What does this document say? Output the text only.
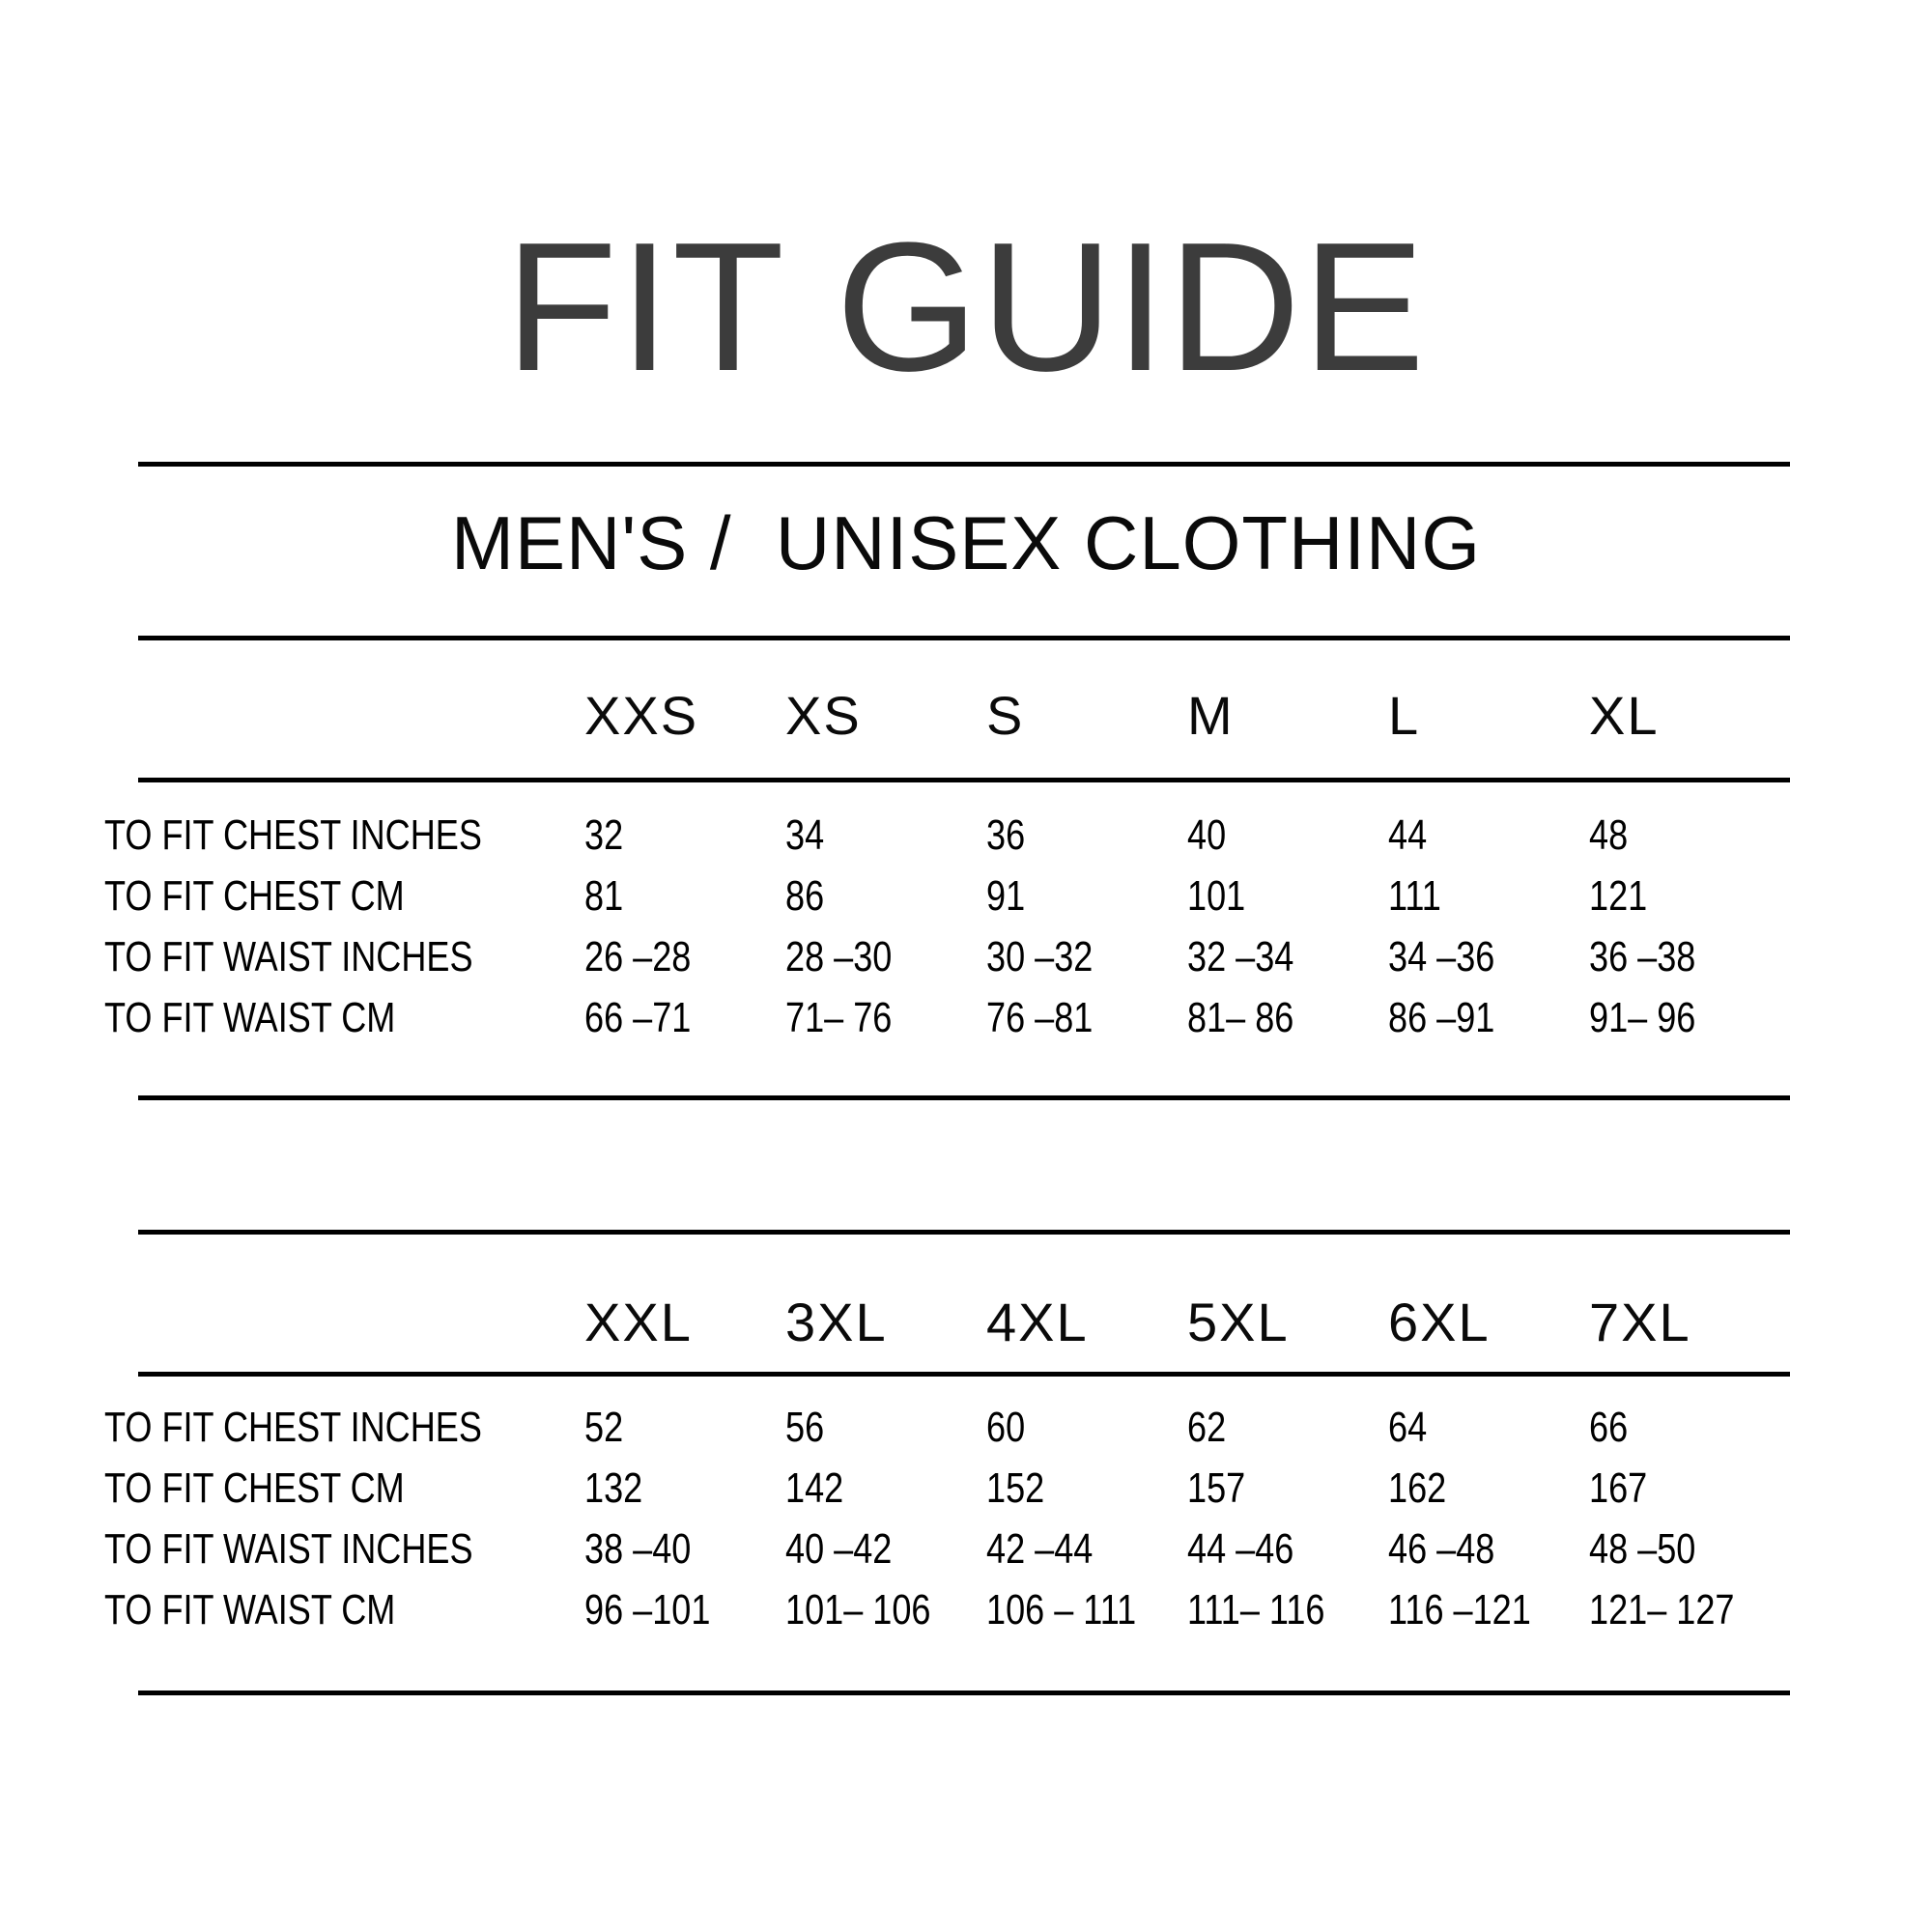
FIT GUIDE
MEN'S /  UNISEX CLOTHING
XXS	XS	S	M	L	XL
TO FIT CHEST INCHES	32	34	36	40	44	48
TO FIT CHEST CM	81	86	91	101	111	121
TO FIT WAIST INCHES	26 –28	28 –30	30 –32	32 –34	34 –36	36 –38
TO FIT WAIST CM	66 –71	71– 76	76 –81	81– 86	86 –91	91– 96
XXL	3XL	4XL	5XL	6XL	7XL
TO FIT CHEST INCHES	52	56	60	62	64	66
TO FIT CHEST CM	132	142	152	157	162	167
TO FIT WAIST INCHES	38 –40	40 –42	42 –44	44 –46	46 –48	48 –50
TO FIT WAIST CM	96 –101	101– 106	106 – 111	111– 116	116 –121	121– 127
